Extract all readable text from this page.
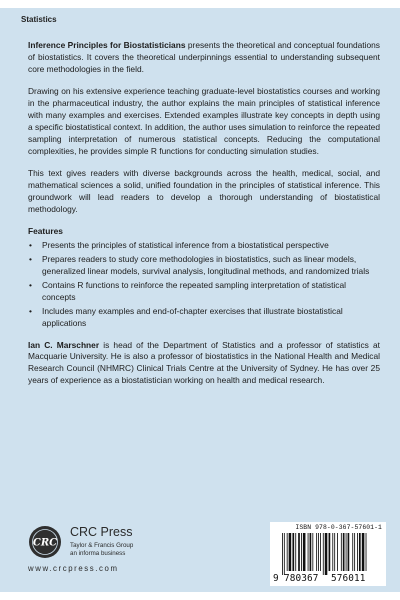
Statistics

Inference Principles for Biostatisticians presents the theoretical and conceptual foundations of biostatistics. It covers the theoretical underpinnings essential to understanding subsequent core methodologies in the field.

Drawing on his extensive experience teaching graduate-level biostatistics courses and working in the pharmaceutical industry, the author explains the main principles of statistical inference with many examples and exercises. Extended examples illustrate key concepts in depth using a specific biostatistical context. In addition, the author uses simulation to reinforce the repeated sampling interpretation of numerous statistical concepts. Reducing the computational complexities, he provides simple R functions for conducting simulation studies.

This text gives readers with diverse backgrounds across the health, medical, social, and mathematical sciences a solid, unified foundation in the principles of statistical inference. This groundwork will lead readers to develop a thorough understanding of biostatistical methodology.

Features
• Presents the principles of statistical inference from a biostatistical perspective
• Prepares readers to study core methodologies in biostatistics, such as linear models, generalized linear models, survival analysis, longitudinal methods, and randomized trials
• Contains R functions to reinforce the repeated sampling interpretation of statistical concepts
• Includes many examples and end-of-chapter exercises that illustrate biostatistical applications

Ian C. Marschner is head of the Department of Statistics and a professor of statistics at Macquarie University. He is also a professor of biostatistics in the National Health and Medical Research Council (NHMRC) Clinical Trials Centre at the University of Sydney. He has over 25 years of experience as a biostatistician working on health and medical research.

CRC
CRC Press
Taylor & Francis Group
an informa business
www.crcpress.com
ISBN 978-0-367-57601-1
9 780367 576011
